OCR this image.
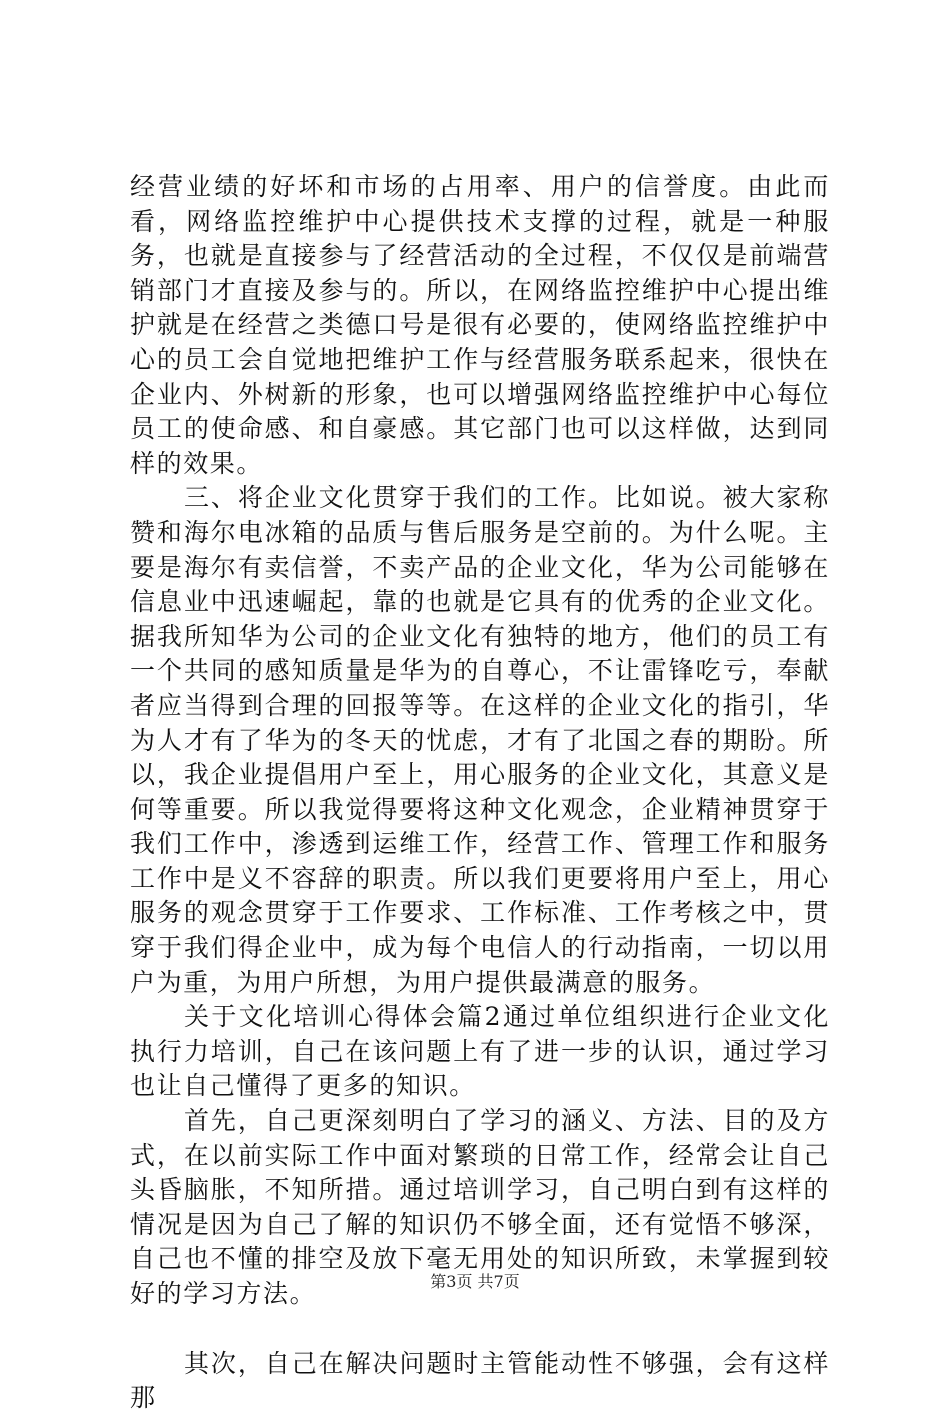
经营业绩的好坏和市场的占用率、用户的信誉度。由此而看，网络监控维护中心提供技术支撑的过程，就是一种服务，也就是直接参与了经营活动的全过程，不仅仅是前端营销部门才直接及参与的。所以，在网络监控维护中心提出维护就是在经营之类德口号是很有必要的，使网络监控维护中心的员工会自觉地把维护工作与经营服务联系起来，很快在企业内、外树新的形象，也可以增强网络监控维护中心每位员工的使命感、和自豪感。其它部门也可以这样做，达到同样的效果。

三、将企业文化贯穿于我们的工作。比如说。被大家称赞和海尔电冰箱的品质与售后服务是空前的。为什么呢。主要是海尔有卖信誉，不卖产品的企业文化，华为公司能够在信息业中迅速崛起，靠的也就是它具有的优秀的企业文化。据我所知华为公司的企业文化有独特的地方，他们的员工有一个共同的感知质量是华为的自尊心，不让雷锋吃亏，奉献者应当得到合理的回报等等。在这样的企业文化的指引，华为人才有了华为的冬天的忧虑，才有了北国之春的期盼。所以，我企业提倡用户至上，用心服务的企业文化，其意义是何等重要。所以我觉得要将这种文化观念，企业精神贯穿于我们工作中，渗透到运维工作，经营工作、管理工作和服务工作中是义不容辞的职责。所以我们更要将用户至上，用心服务的观念贯穿于工作要求、工作标准、工作考核之中，贯穿于我们得企业中，成为每个电信人的行动指南，一切以用户为重，为用户所想，为用户提供最满意的服务。

关于文化培训心得体会篇2通过单位组织进行企业文化执行力培训，自己在该问题上有了进一步的认识，通过学习也让自己懂得了更多的知识。

首先，自己更深刻明白了学习的涵义、方法、目的及方式，在以前实际工作中面对繁琐的日常工作，经常会让自己头昏脑胀，不知所措。通过培训学习，自己明白到有这样的情况是因为自己了解的知识仍不够全面，还有觉悟不够深，自己也不懂的排空及放下毫无用处的知识所致，未掌握到较好的学习方法。

其次，自己在解决问题时主管能动性不够强，会有这样那

第3页 共7页
